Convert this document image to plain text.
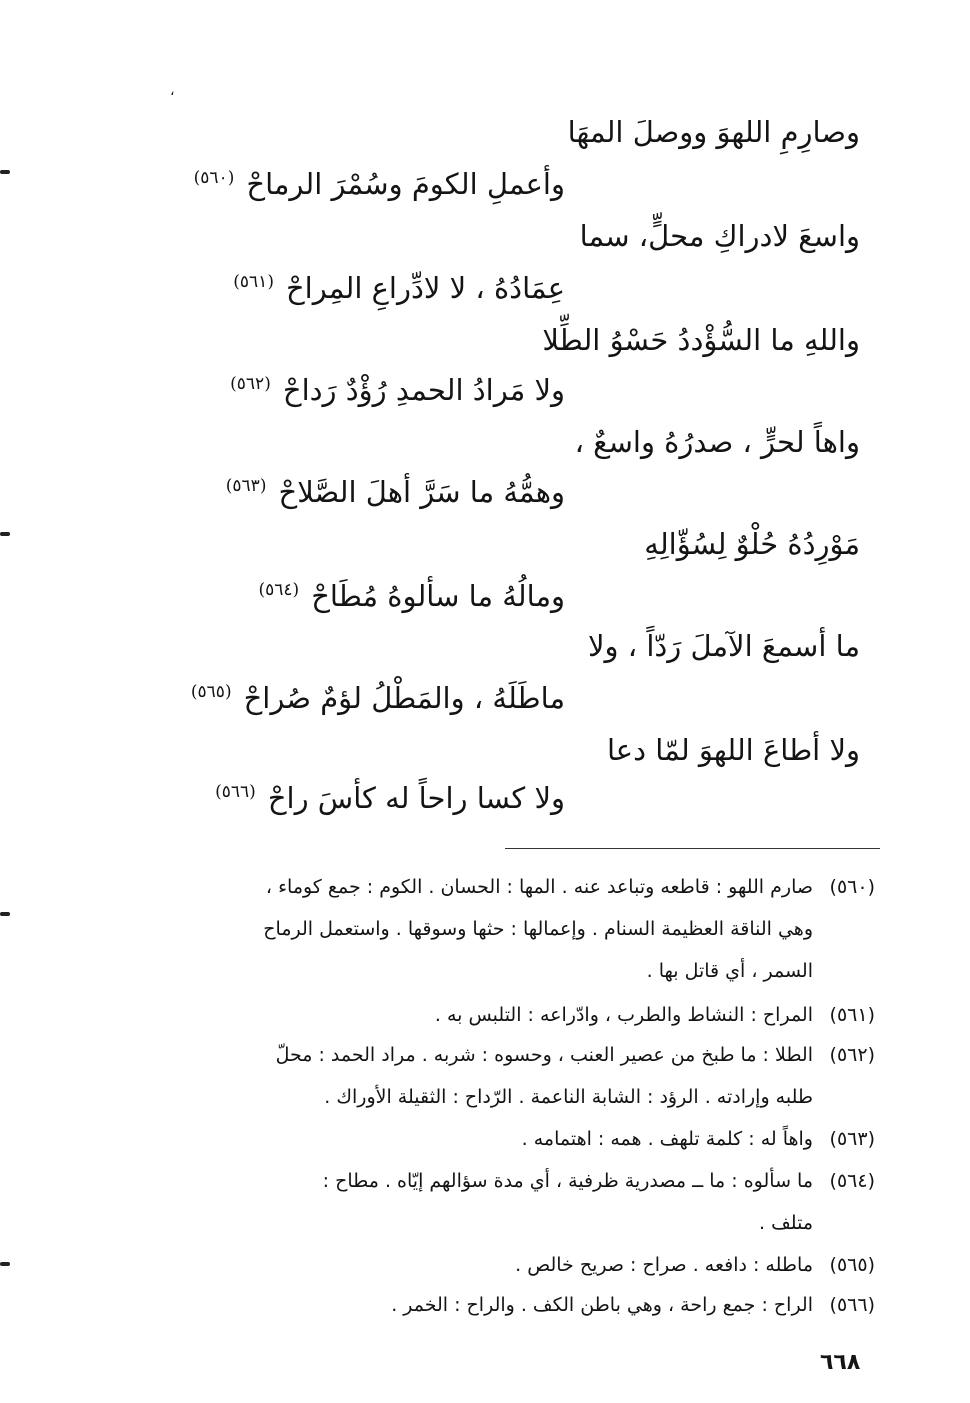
،
وصارِمِ اللهوَ ووصلَ المهَا
وأعملِ الكومَ وسُمْرَ الرماحْ$^{(٥٦٠)}$
واسعَ لادراكِ محلٍّ، سما
عِمَادُهُ ، لا لادِّراعِ المِراحْ$^{(٥٦١)}$
واللهِ ما السُّؤْددُ حَسْوُ الطِّلا
ولا مَرادُ الحمدِ رُؤْدٌ رَداحْ$^{(٥٦٢)}$
واهاً لحرٍّ ، صدرُهُ واسعٌ ،
وهمُّهُ ما سَرَّ أهلَ الصَّلاحْ$^{(٥٦٣)}$
مَوْرِدُهُ حُلْوٌ لِسُؤّالِهِ
ومالُهُ ما سألوهُ مُطَاحْ$^{(٥٦٤)}$
ما أسمعَ الآملَ رَدّاً ، ولا
ماطَلَهُ ، والمَطْلُ لؤمٌ صُراحْ$^{(٥٦٥)}$
ولا أطاعَ اللهوَ لمّا دعا
ولا كسا راحاً له كأسَ راحْ$^{(٥٦٦)}$
(٥٦٠)صارم اللهو : قاطعه وتباعد عنه . المها : الحسان . الكوم : جمع كوماء ،
وهي الناقة العظيمة السنام . وإعمالها : حثها وسوقها . واستعمل الرماح
السمر ، أي قاتل بها .
(٥٦١)المراح : النشاط والطرب ، وادّراعه : التلبس به .
(٥٦٢)الطلا : ما طبخ من عصير العنب ، وحسوه : شربه . مراد الحمد : محلّ
طلبه وإرادته . الرؤد : الشابة الناعمة . الرّداح : الثقيلة الأوراك .
(٥٦٣)واهاً له : كلمة تلهف . همه : اهتمامه .
(٥٦٤)ما سألوه : ما ــ مصدرية ظرفية ، أي مدة سؤالهم إيّاه . مطاح :
متلف .
(٥٦٥)ماطله : دافعه . صراح : صريح خالص .
(٥٦٦)الراح : جمع راحة ، وهي باطن الكف . والراح : الخمر .
٦٦٨
